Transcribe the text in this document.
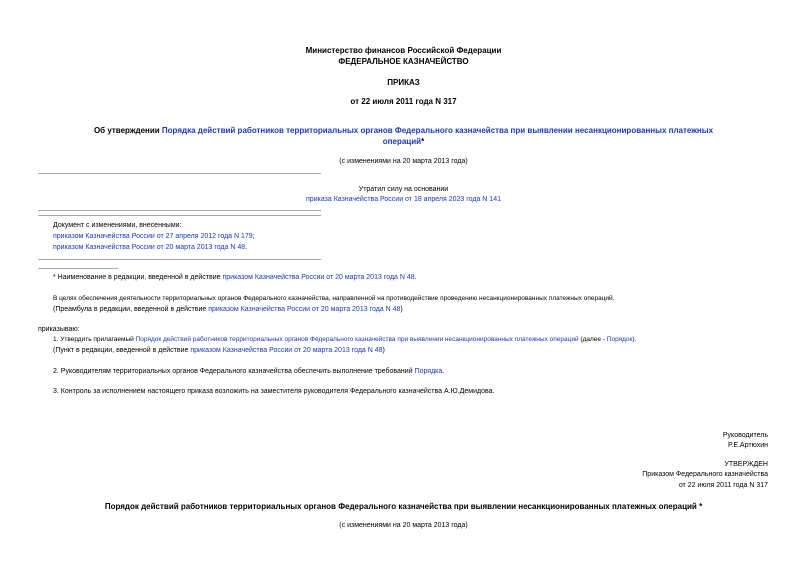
Министерство финансов Российской Федерации
ФЕДЕРАЛЬНОЕ КАЗНАЧЕЙСТВО
ПРИКАЗ
от 22 июля 2011 года N 317
Об утверждении Порядка действий работников территориальных органов Федерального казначейства при выявлении несанкционированных платежных
операций*
(с изменениями на 20 марта 2013 года)
Утратил силу на основании
приказа Казначейства России от 18 апреля 2023 года N 141
Документ с изменениями, внесенными:
приказом Казначейства России от 27 апреля 2012 года N 179;
приказом Казначейства России от 20 марта 2013 года N 48.
* Наименование в редакции, введенной в действие приказом Казначейства России от 20 марта 2013 года N 48.
В целях обеспечения деятельности территориальных органов Федерального казначейства, направленной на противодействие проведению несанкционированных платежных операций.
(Преамбула в редакции, введенной в действие приказом Казначейства России от 20 марта 2013 года N 48)
приказываю:
1. Утвердить прилагаемый Порядок действий работников территориальных органов Федерального казначейства при выявлении несанкционированных платежных операций (далее - Порядок).
(Пункт в редакции, введенной в действие приказом Казначейства России от 20 марта 2013 года N 48)
2. Руководителям территориальных органов Федерального казначейства обеспечить выполнение требований Порядка.
3. Контроль за исполнением настоящего приказа возложить на заместителя руководителя Федерального казначейства А.Ю.Демидова.
Руководитель
Р.Е.Артюхин
УТВЕРЖДЕН
Приказом Федерального казначейства
от 22 июля 2011 года N 317
Порядок действий работников территориальных органов Федерального казначейства при выявлении несанкционированных платежных операций *
(с изменениями на 20 марта 2013 года)
